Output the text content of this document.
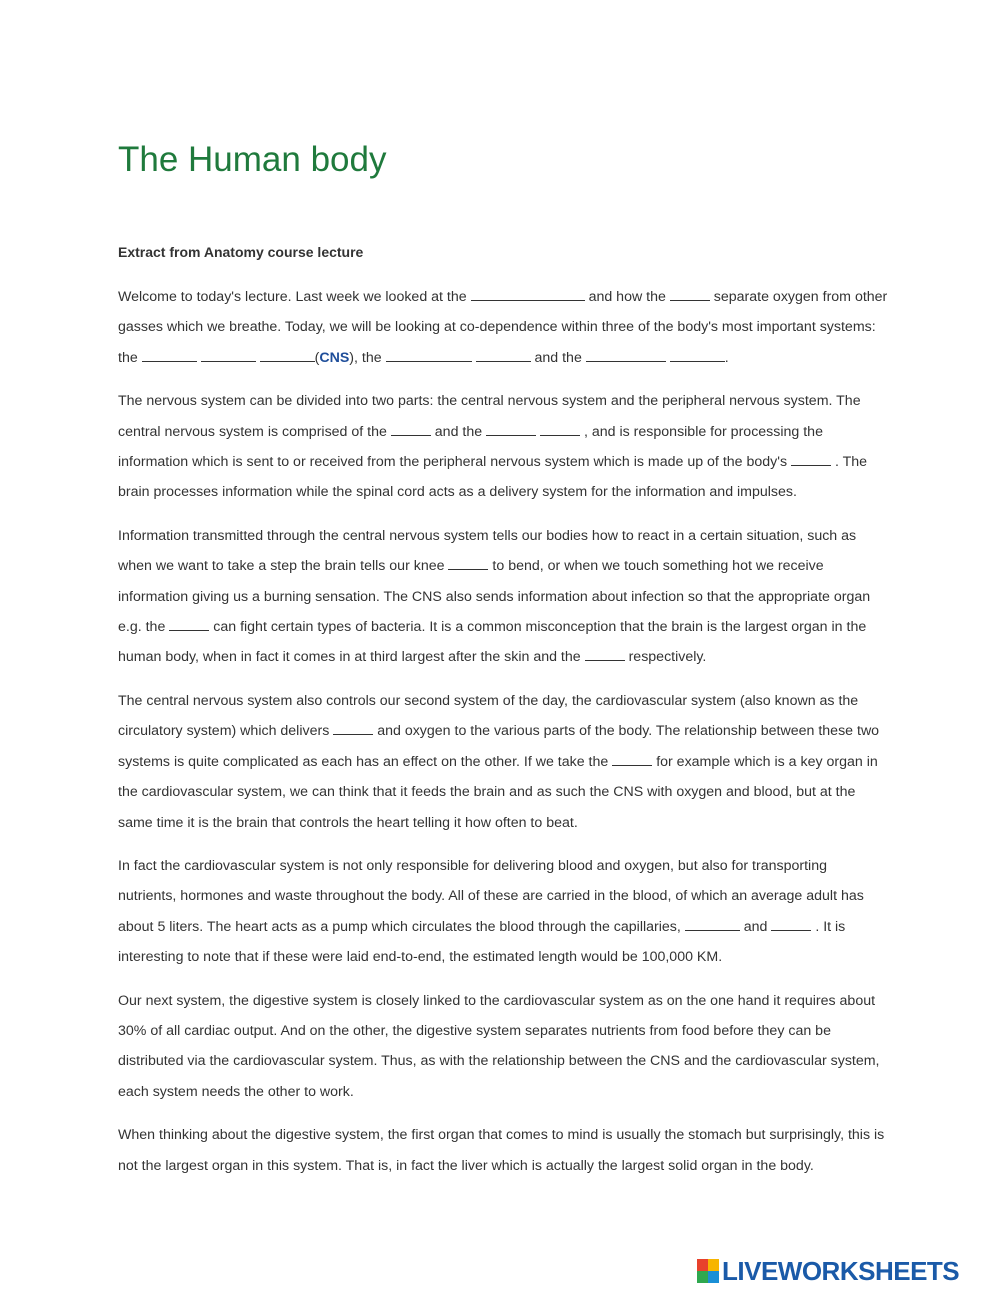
The Human body
Extract from Anatomy course lecture

Welcome to today's lecture. Last week we looked at the	and how the	separate oxygen from other gasses which we breathe. Today, we will be looking at co-dependence within three of the body's most important systems: the	(CNS), the	and the	.

The nervous system can be divided into two parts: the central nervous system and the peripheral nervous system. The central nervous system is comprised of the	and the	, and is responsible for processing the information which is sent to or received from the peripheral nervous system which is made up of the body's	. The brain processes information while the spinal cord acts as a delivery system for the information and impulses.

Information transmitted through the central nervous system tells our bodies how to react in a certain situation, such as when we want to take a step the brain tells our knee	to bend, or when we touch something hot we receive information giving us a burning sensation. The CNS also sends information about infection so that the appropriate organ e.g. the	can fight certain types of bacteria. It is a common misconception that the brain is the largest organ in the human body, when in fact it comes in at third largest after the skin and the	respectively.

The central nervous system also controls our second system of the day, the cardiovascular system (also known as the circulatory system) which delivers	and oxygen to the various parts of the body. The relationship between these two systems is quite complicated as each has an effect on the other. If we take the	for example which is a key organ in the cardiovascular system, we can think that it feeds the brain and as such the CNS with oxygen and blood, but at the same time it is the brain that controls the heart telling it how often to beat.

In fact the cardiovascular system is not only responsible for delivering blood and oxygen, but also for transporting nutrients, hormones and waste throughout the body. All of these are carried in the blood, of which an average adult has about 5 liters. The heart acts as a pump which circulates the blood through the capillaries,	and	. It is interesting to note that if these were laid end-to-end, the estimated length would be 100,000 KM.

Our next system, the digestive system is closely linked to the cardiovascular system as on the one hand it requires about 30% of all cardiac output. And on the other, the digestive system separates nutrients from food before they can be distributed via the cardiovascular system. Thus, as with the relationship between the CNS and the cardiovascular system, each system needs the other to work.

When thinking about the digestive system, the first organ that comes to mind is usually the stomach but surprisingly, this is not the largest organ in this system. That is, in fact the liver which is actually the largest solid organ in the body.

LIVEWORKSHEETS
